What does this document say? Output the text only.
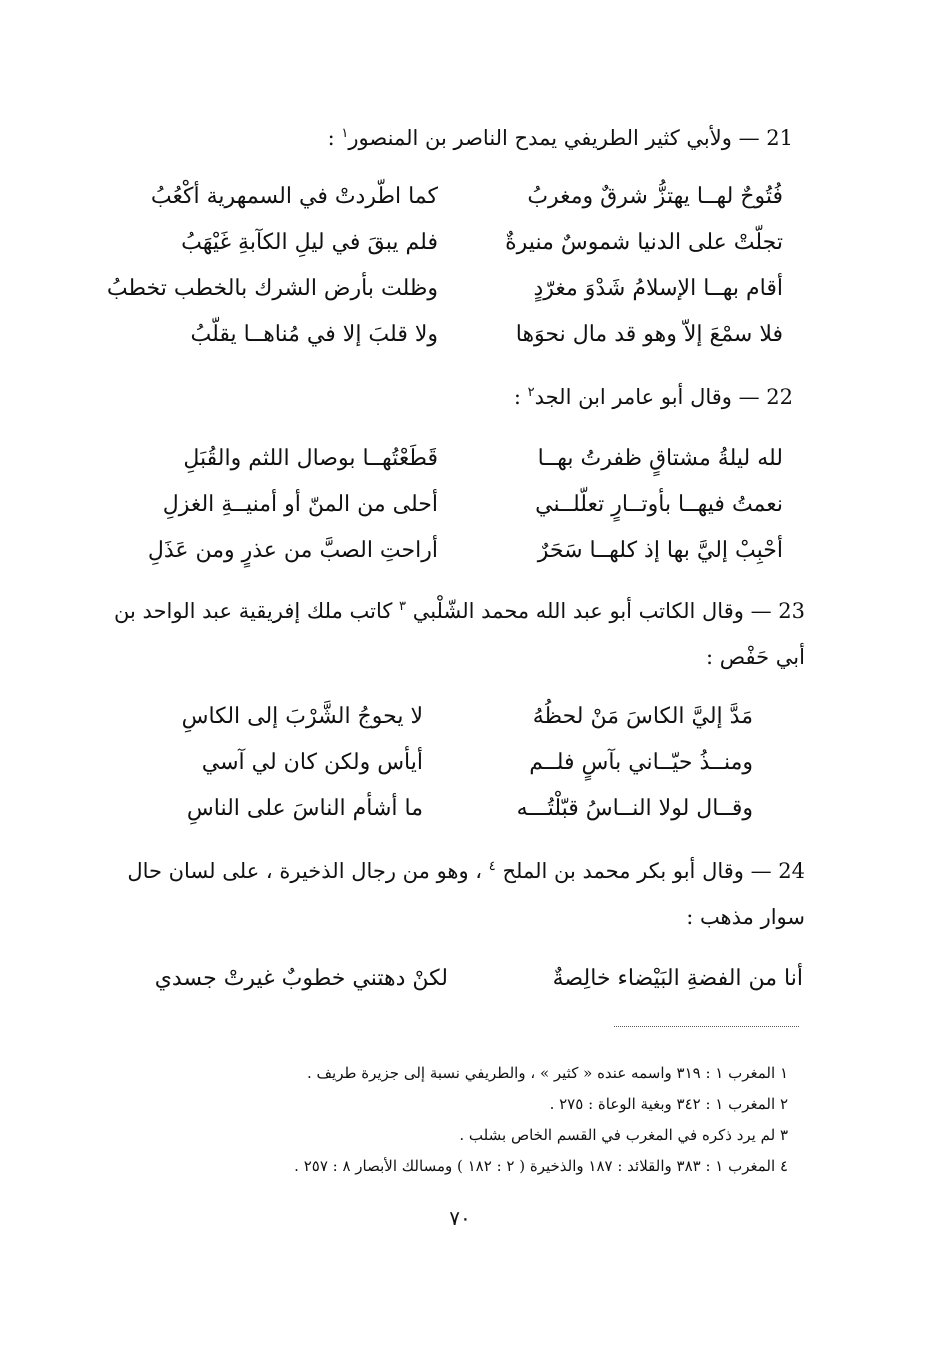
21 — ولأبي كثير الطريفي يمدح الناصر بن المنصور$^١$ :
فُتُوحٌ لهــا يهتزُّ شرقٌ ومغربُ
كما اطّردتْ في السمهرية أكْعُبُ
تجلّتْ على الدنيا شموسٌ منيرةٌ
فلم يبقَ في ليلِ الكآبةِ غَيْهَبُ
أقام بهــا الإسلامُ شَدْوَ مغرّدٍ
وظلت بأرض الشرك بالخطب تخطبُ
فلا سمْعَ إلاّ وهو قد مال نحوَها
ولا قلبَ إلا في مُناهــا يقلّبُ
22 — وقال أبو عامر ابن الجد$^٢$ :
لله ليلةُ مشتاقٍ ظفرتُ بهــا
قَطَعْتُهــا بوصال اللثم والقُبَلِ
نعمتُ فيهــا بأوتــارٍ تعلّلــني
أحلى من المنّ أو أمنيــةِ الغزلِ
أحْبِبْ إليَّ بها إذ كلهــا سَحَرٌ
أراحتِ الصبَّ من عذرٍ ومن عَذَلِ
23 — وقال الكاتب أبو عبد الله محمد الشّلْبي $^٣$ كاتب ملك إفريقية عبد الواحد بن أبي حَفْص :
مَدَّ إليَّ الكاسَ مَنْ لحظُهُ
لا يحوجُ الشَّرْبَ إلى الكاسِ
ومنــذُ حيّــاني بآسٍ فلــم
أيأس ولكن كان لي آسي
وقــال لولا النــاسُ قبّلْتُـــه
ما أشأم الناسَ على الناسِ
24 — وقال أبو بكر محمد بن الملح $^٤$ ، وهو من رجال الذخيرة ، على لسان حال سوار مذهب :
أنا من الفضةِ البَيْضاء خالِصةٌ
لكنْ دهتني خطوبٌ غيرتْ جسدي
١ المغرب ١ : ٣١٩ واسمه عنده « كثير » ، والطريفي نسبة إلى جزيرة طريف .
٢ المغرب ١ : ٣٤٢ وبغية الوعاة : ٢٧٥ .
٣ لم يرد ذكره في المغرب في القسم الخاص بشلب .
٤ المغرب ١ : ٣٨٣ والقلائد : ١٨٧ والذخيرة ( ٢ : ١٨٢ ) ومسالك الأبصار ٨ : ٢٥٧ .
٧٠
